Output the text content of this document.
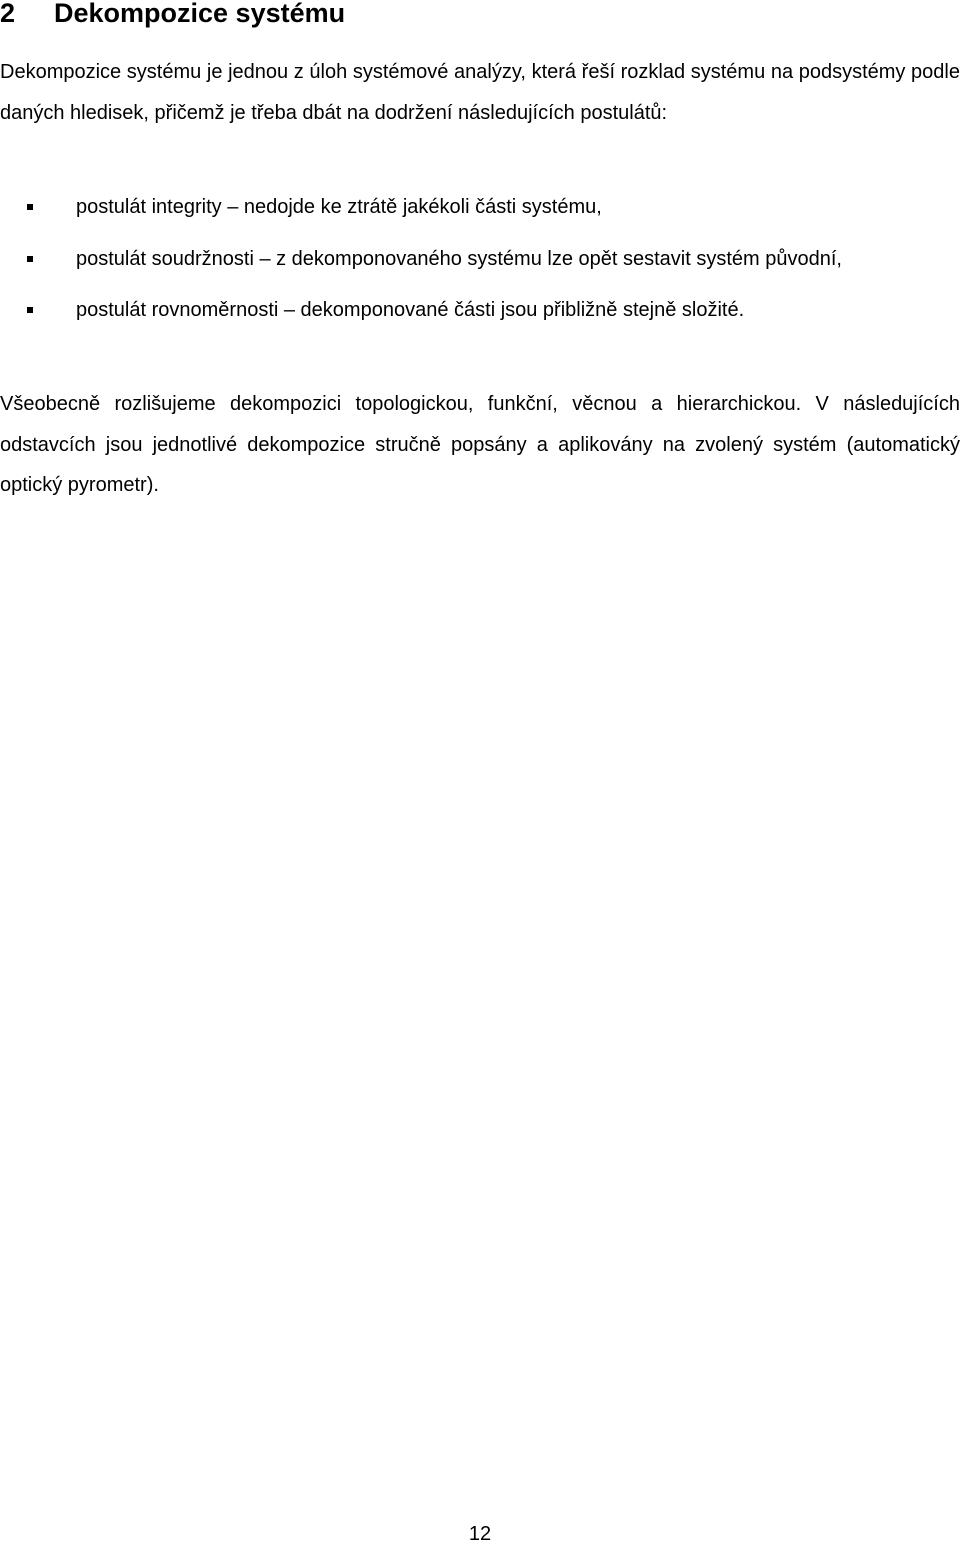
2 Dekompozice systému

Dekompozice systému je jednou z úloh systémové analýzy, která řeší rozklad systému na podsystémy podle daných hledisek, přičemž je třeba dbát na dodržení následujících postulátů:

postulát integrity – nedojde ke ztrátě jakékoli části systému,
postulát soudržnosti – z dekomponovaného systému lze opět sestavit systém původní,
postulát rovnoměrnosti – dekomponované části jsou přibližně stejně složité.

Všeobecně rozlišujeme dekompozici topologickou, funkční, věcnou a hierarchickou. V následujících odstavcích jsou jednotlivé dekompozice stručně popsány a aplikovány na zvolený systém (automatický optický pyrometr).

12
